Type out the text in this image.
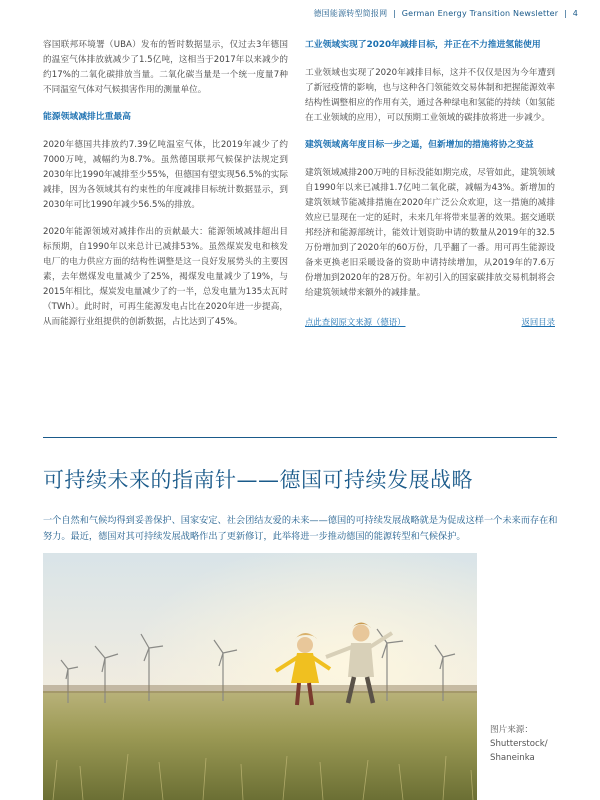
德国能源转型简报网 | German Energy Transition Newsletter | 4

容国联邦环境署（UBA）发布的暂时数据显示，仅过去3年德国的温室气体排放就减少了1.5亿吨，这相当于2017年以来减少的约17%的二氧化碳排放当量。二氧化碳当量是一个统一度量7种不同温室气体对气候损害作用的测量单位。

能源领域减排比重最高

2020年德国共排放约7.39亿吨温室气体，比2019年减少了约7000万吨，减幅约为8.7%。虽然德国联邦气候保护法规定到2030年比1990年减排至少55%，但德国有望实现56.5%的实际减排，因为各领域其有约束性的年度减排目标统计数据显示，到2030年可比1990年减少56.5%的排放。

2020年能源领域对减排作出的贡献最大：能源领域减排超出目标预期，自1990年以来总计已减排53%。虽然煤炭发电和核发电厂的电力供应方面的结构性调整是这一良好发展势头的主要因素，去年燃煤发电量减少了25%，褐煤发电量减少了19%，与2015年相比，煤炭发电量减少了约一半，总发电量为135太瓦时（TWh）。此时时，可再生能源发电占比在2020年进一步提高，从而能源行业组提供的创新数据，占比达到了45%。

工业领域实现了2020年减排目标，并正在不力推进氢能使用

工业领域也实现了2020年减排目标，这并不仅仅是因为今年遭到了新冠疫情的影响，也与这种各门领能效交易体制和把握能源效率结构性调整相应的作用有关，通过各种绿电和氢能的持续（如氢能在工业领域的应用），可以预期工业领域的碳排放将进一步减少。

建筑领域离年度目标一步之遥，但新增加的措施将协之变益

建筑领域减排200万吨的目标没能如期完成，尽管如此，建筑领域自1990年以来已减排1.7亿吨二氧化碳，减幅为43%。新增加的建筑领域节能减排措施在2020年广泛公众欢迎，这一措施的减排效应已显现在一定的延时，未来几年将带来显著的效果。据交通联邦经济和能源部统计，能效计划资助申请的数量从2019年的32.5万份增加到了2020年的60万份，几乎翻了一番。用可再生能源设备来更换老旧采暖设备的资助申请持续增加，从2019年的7.6万份增加到2020年的28万份。年初引入的国家碳排放交易机制将会给建筑领域带来额外的减排量。

点此查阅原文来源（德语）	返回目录
可持续未来的指南针——德国可持续发展战略
一个自然和气候均得到妥善保护、国家安定、社会团结友爱的未来——德国的可持续发展战略就是为促成这样一个未来而存在和努力。最近，德国对其可持续发展战略作出了更新修订，此举将进一步推动德国的能源转型和气候保护。
图片来源：
Shutterstock/
Shaneinka
